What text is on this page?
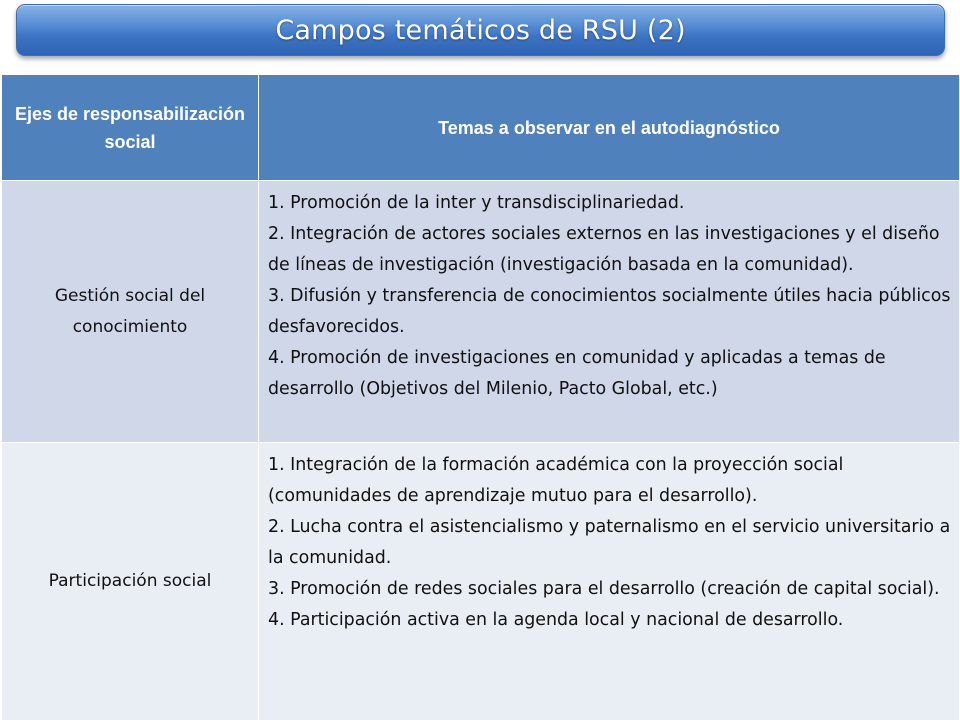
Campos temáticos de RSU (2)
Ejes de responsabilización social	Temas a observar en el autodiagnóstico
Gestión social del conocimiento	1. Promoción de la inter y transdisciplinariedad.
2. Integración de actores sociales externos en las investigaciones y el diseño de líneas de investigación (investigación basada en la comunidad).
3. Difusión y transferencia de conocimientos socialmente útiles hacia públicos desfavorecidos.
4. Promoción de investigaciones en comunidad y aplicadas a temas de desarrollo (Objetivos del Milenio, Pacto Global, etc.)

Participación social	1. Integración de la formación académica con la proyección social (comunidades de aprendizaje mutuo para el desarrollo).
2. Lucha contra el asistencialismo y paternalismo en el servicio universitario a la comunidad.
3. Promoción de redes sociales para el desarrollo (creación de capital social).
4. Participación activa en la agenda local y nacional de desarrollo.
